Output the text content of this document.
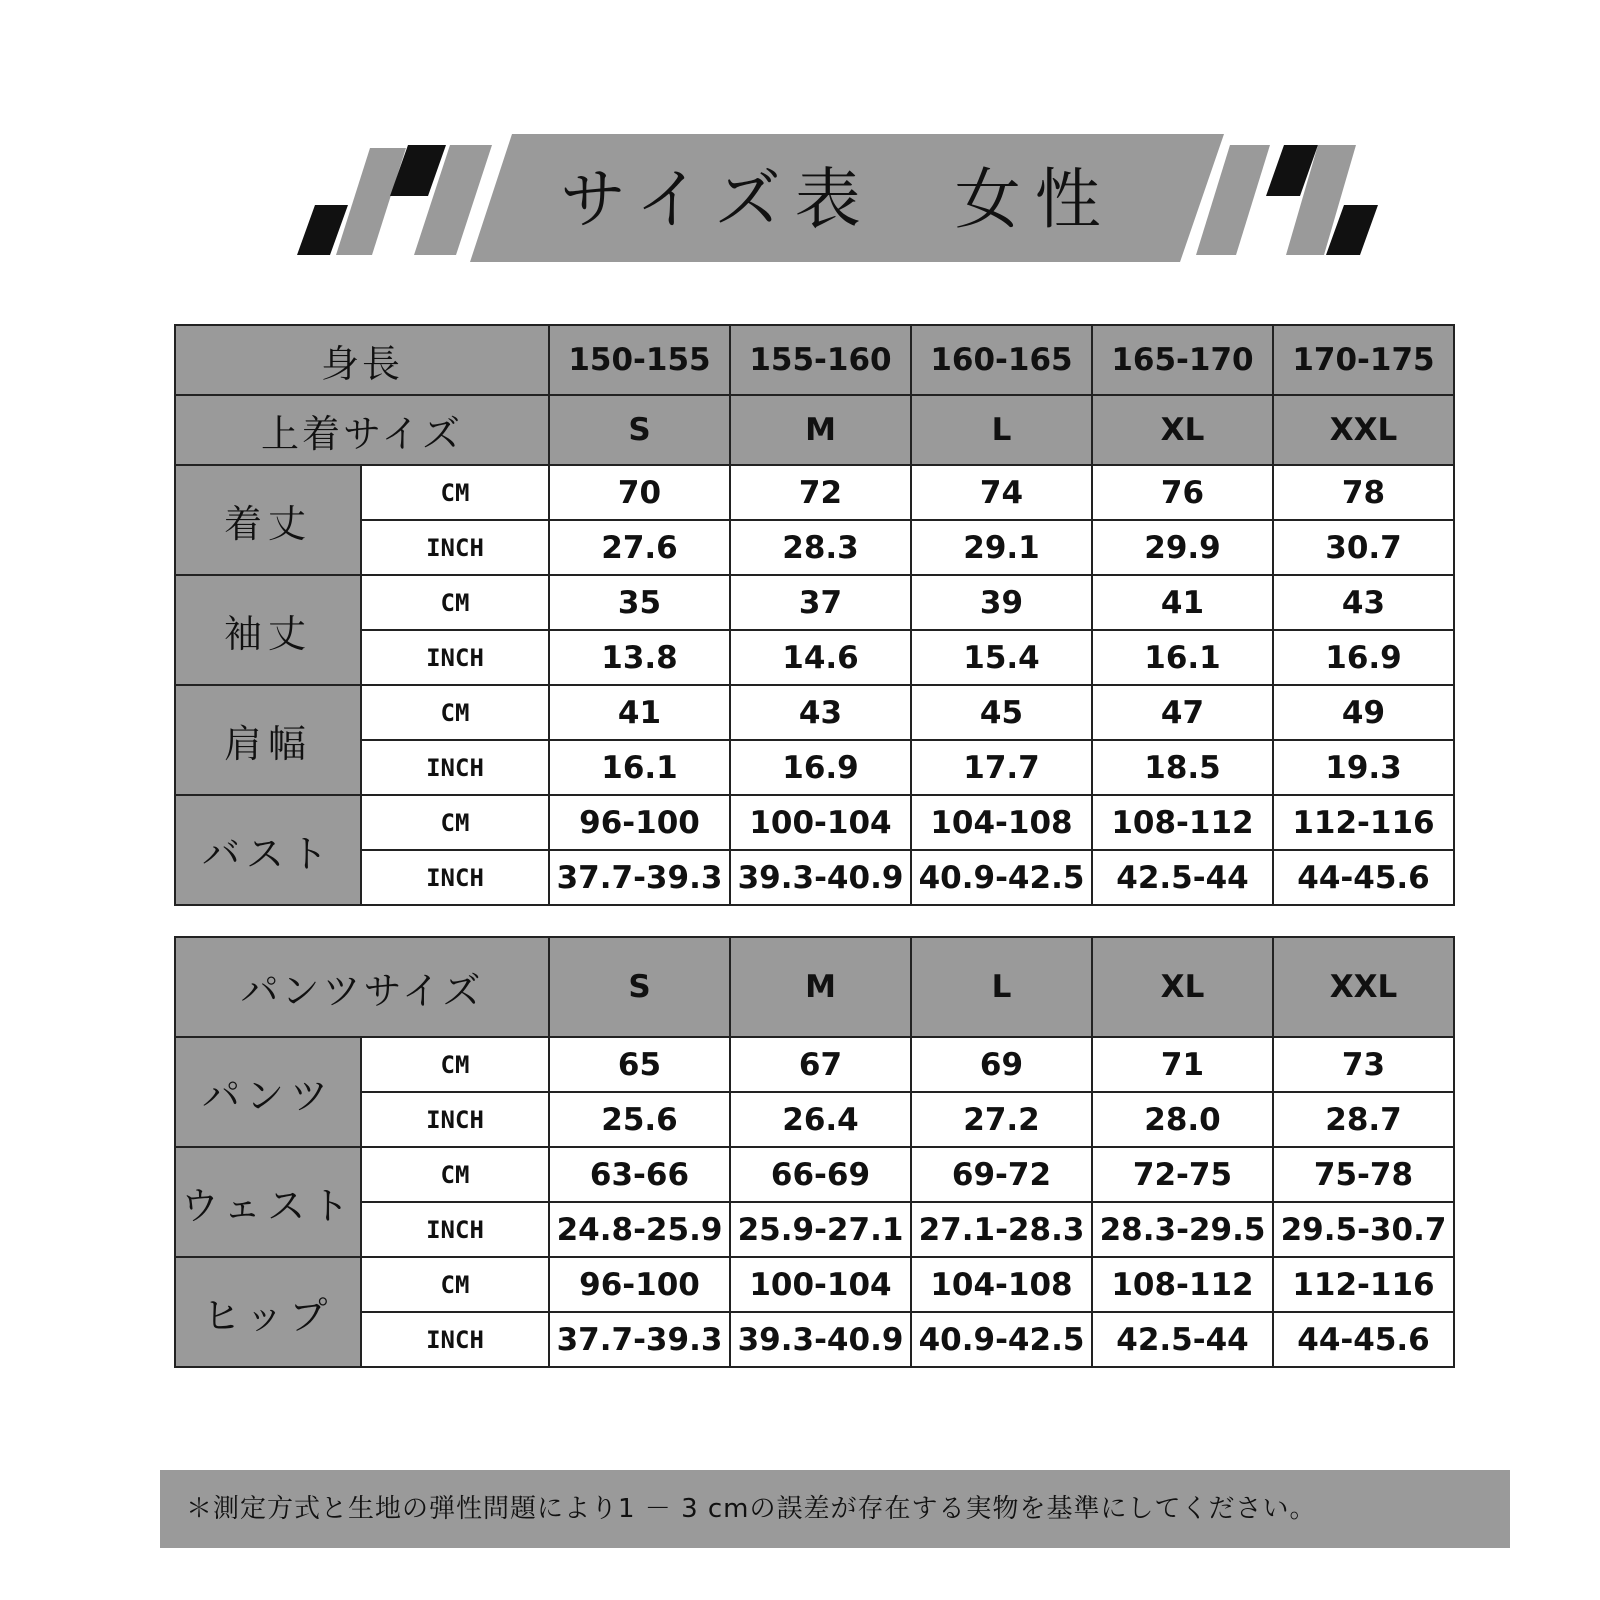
サイズ表　女性
身長		150-155	155-160	160-165	165-170	170-175
上着サイズ		S	M	L	XL	XXL
着丈	CM	70	72	74	76	78
	INCH	27.6	28.3	29.1	29.9	30.7
袖丈	CM	35	37	39	41	43
	INCH	13.8	14.6	15.4	16.1	16.9
肩幅	CM	41	43	45	47	49
	INCH	16.1	16.9	17.7	18.5	19.3
バスト	CM	96-100	100-104	104-108	108-112	112-116
	INCH	37.7-39.3	39.3-40.9	40.9-42.5	42.5-44	44-45.6
パンツサイズ		S	M	L	XL	XXL
パンツ	CM	65	67	69	71	73
	INCH	25.6	26.4	27.2	28.0	28.7
ウェスト	CM	63-66	66-69	69-72	72-75	75-78
	INCH	24.8-25.9	25.9-27.1	27.1-28.3	28.3-29.5	29.5-30.7
ヒップ	CM	96-100	100-104	104-108	108-112	112-116
	INCH	37.7-39.3	39.3-40.9	40.9-42.5	42.5-44	44-45.6
＊測定方式と生地の弾性問題により1 － 3 cmの誤差が存在する実物を基準にしてください。
